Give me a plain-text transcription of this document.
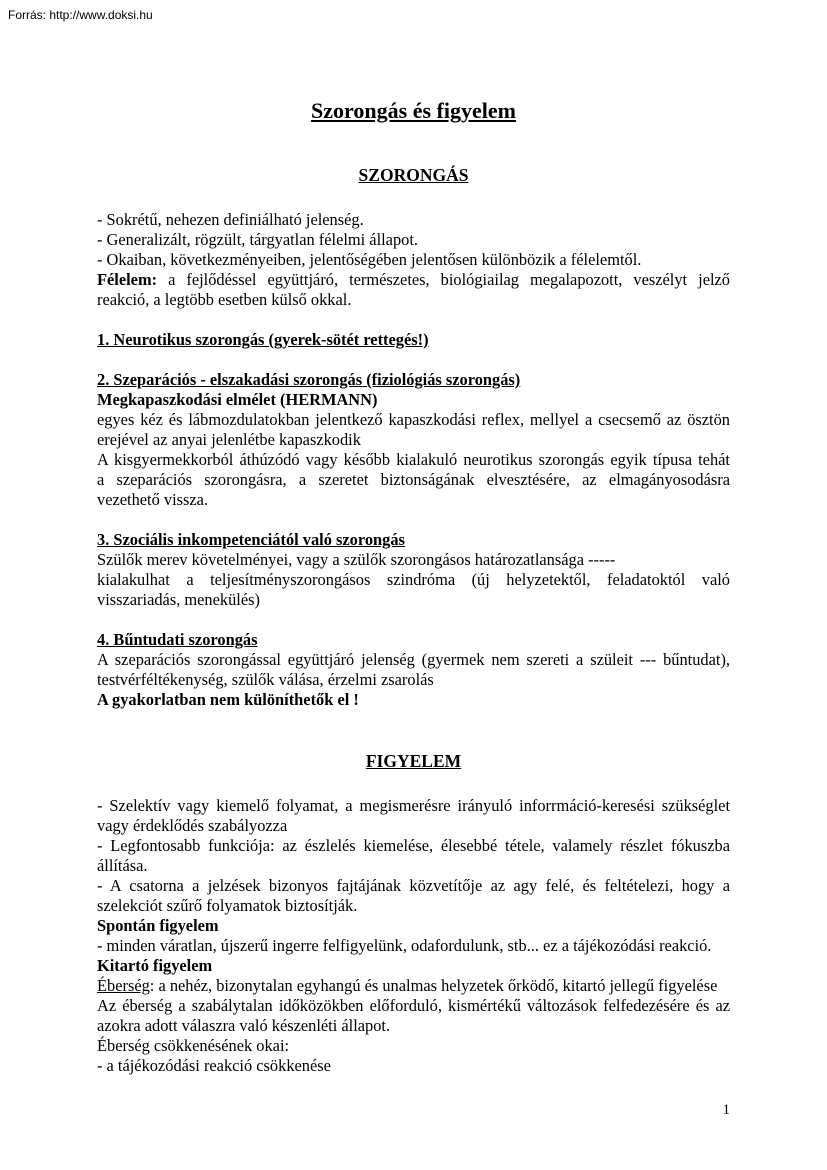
Forrás: http://www.doksi.hu
Szorongás és figyelem
SZORONGÁS
- Sokrétű, nehezen definiálható jelenség.
- Generalizált, rögzült, tárgyatlan félelmi állapot.
- Okaiban, következményeiben, jelentőségében jelentősen különbözik a félelemtől.
Félelem: a fejlődéssel együttjáró, természetes, biológiailag megalapozott, veszélyt jelző
reakció, a legtöbb esetben külső okkal.
1. Neurotikus szorongás (gyerek-sötét rettegés!)
2. Szeparációs - elszakadási szorongás (fiziológiás szorongás)
Megkapaszkodási elmélet (HERMANN)
egyes kéz és lábmozdulatokban jelentkező kapaszkodási reflex, mellyel a csecsemő az ösztön
erejével az anyai jelenlétbe kapaszkodik
A kisgyermekkorból áthúzódó vagy később kialakuló neurotikus szorongás egyik típusa tehát
a szeparációs szorongásra, a szeretet biztonságának elvesztésére, az elmagányosodásra
vezethető vissza.
3. Szociális inkompetenciától való szorongás
Szülők merev követelményei, vagy a szülők szorongásos határozatlansága -----
kialakulhat a teljesítményszorongásos szindróma (új helyzetektől, feladatoktól való
visszariadás, menekülés)
4. Bűntudati szorongás
A szeparációs szorongással együttjáró jelenség (gyermek nem szereti a szüleit --- bűntudat),
testvérféltékenység, szülők válása, érzelmi zsarolás
A gyakorlatban nem különíthetők el !
FIGYELEM
- Szelektív vagy kiemelő folyamat, a megismerésre irányuló inforrmáció-keresési szükséglet
vagy érdeklődés szabályozza
- Legfontosabb funkciója: az észlelés kiemelése, élesebbé tétele, valamely részlet fókuszba
állítása.
- A csatorna a jelzések bizonyos fajtájának közvetítője az agy felé, és feltételezi, hogy a
szelekciót szűrő folyamatok biztosítják.
Spontán figyelem
- minden váratlan, újszerű ingerre felfigyelünk, odafordulunk, stb... ez a tájékozódási reakció.
Kitartó figyelem
Éberség: a nehéz, bizonytalan egyhangú és unalmas helyzetek őrködő, kitartó jellegű figyelése
Az éberség a szabálytalan időközökben előforduló, kismértékű változások felfedezésére és az
azokra adott válaszra való készenléti állapot.
Éberség csökkenésének okai:
- a tájékozódási reakció csökkenése
1
